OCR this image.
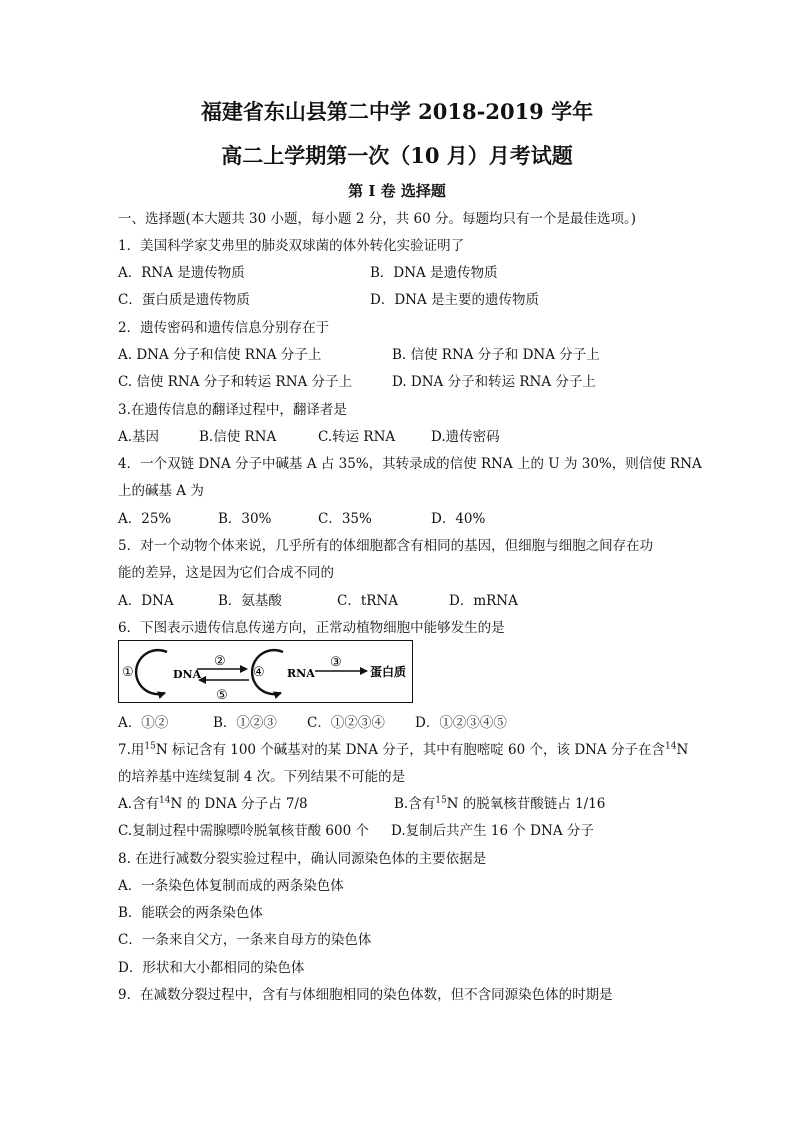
福建省东山县第二中学 2018-2019 学年
高二上学期第一次（10 月）月考试题
第 I 卷 选择题
一、选择题(本大题共 30 小题，每小题 2 分，共 60 分。每题均只有一个是最佳选项。)
1．美国科学家艾弗里的肺炎双球菌的体外转化实验证明了
A．RNA 是遗传物质	B．DNA 是遗传物质
C．蛋白质是遗传物质	D．DNA 是主要的遗传物质
2．遗传密码和遗传信息分别存在于
A. DNA 分子和信使 RNA 分子上	B. 信使 RNA 分子和 DNA 分子上
C. 信使 RNA 分子和转运 RNA 分子上	D. DNA 分子和转运 RNA 分子上
3.在遗传信息的翻译过程中，翻译者是
A.基因	B.信使 RNA	C.转运 RNA	D.遗传密码
4．一个双链 DNA 分子中碱基 A 占 35%，其转录成的信使 RNA 上的 U 为 30%，则信使 RNA
上的碱基 A 为
A．25%	B．30%	C．35%	D．40%
5．对一个动物个体来说，几乎所有的体细胞都含有相同的基因，但细胞与细胞之间存在功
能的差异，这是因为它们合成不同的
A．DNA	B．氨基酸	C．tRNA	D．mRNA
6．下图表示遗传信息传递方向，正常动植物细胞中能够发生的是
①	DNA
②
⑤
④ RNA
③
蛋白质
A．①②	B．①②③ C．①②③④ D．①②③④⑤
7.用$^{15}$N 标记含有 100 个碱基对的某 DNA 分子，其中有胞嘧啶 60 个，该 DNA 分子在含$^{14}$N
的培养基中连续复制 4 次。下列结果不可能的是
A.含有$^{14}$N 的 DNA 分子占 7/8	B.含有$^{15}$N 的脱氧核苷酸链占 1/16
C.复制过程中需腺嘌呤脱氧核苷酸 600 个 D.复制后共产生 16 个 DNA 分子
8. 在进行减数分裂实验过程中，确认同源染色体的主要依据是
A．一条染色体复制而成的两条染色体
B．能联会的两条染色体
C．一条来自父方，一条来自母方的染色体
D．形状和大小都相同的染色体
9．在减数分裂过程中，含有与体细胞相同的染色体数，但不含同源染色体的时期是
